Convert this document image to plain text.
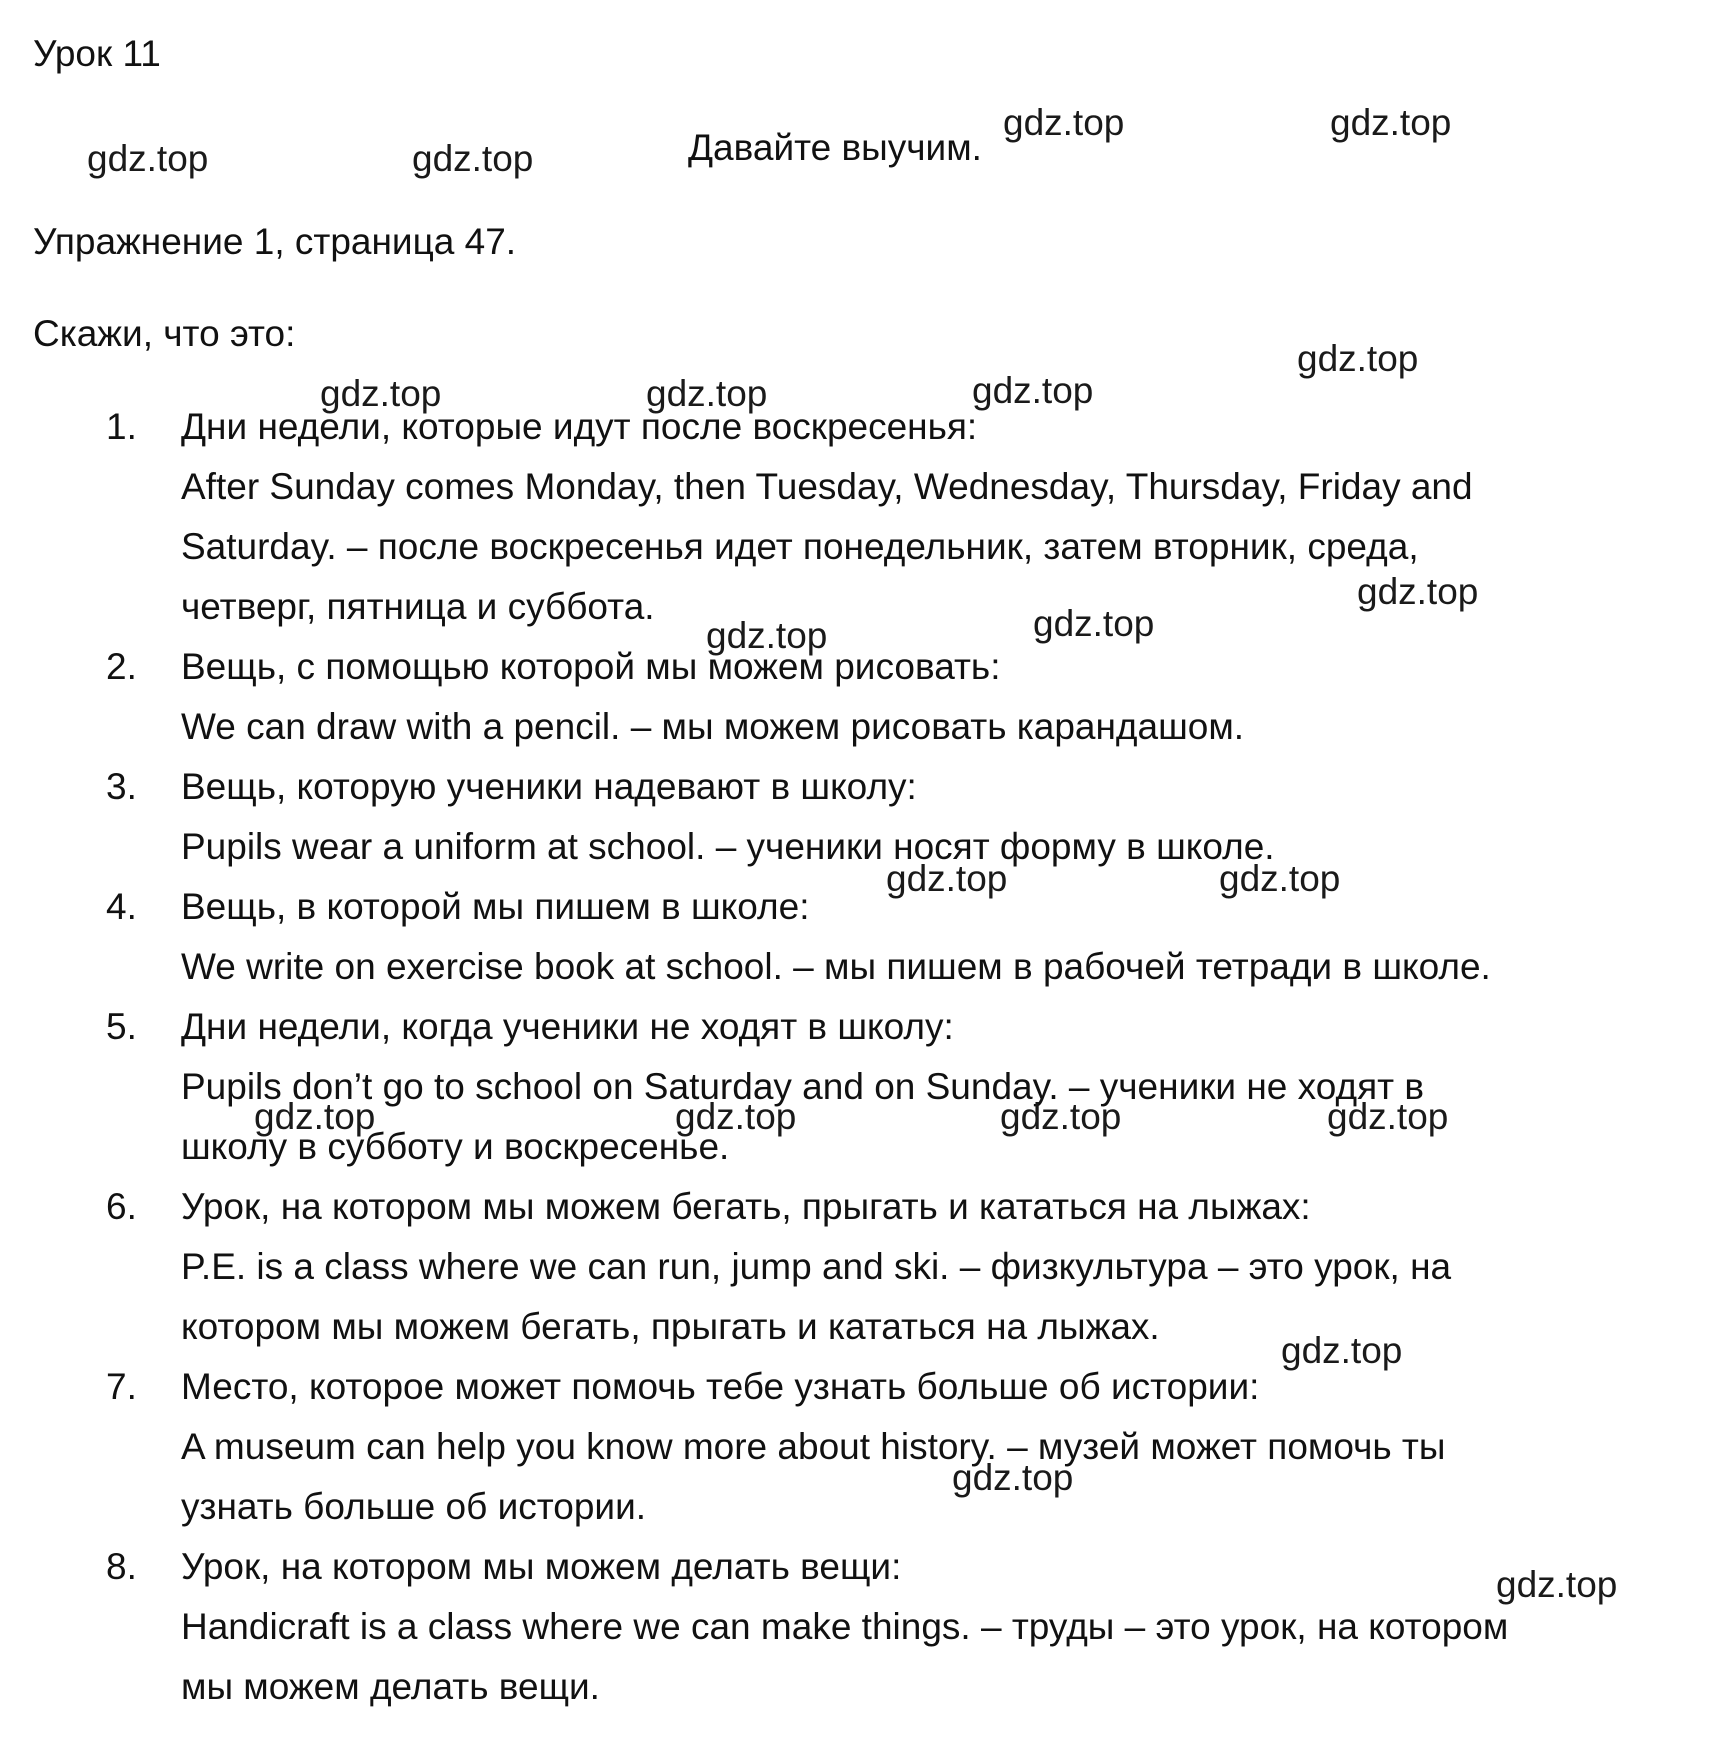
Урок 11
Давайте выучим.
Упражнение 1, страница 47.
Скажи, что это:
1. Дни недели, которые идут после воскресенья:
After Sunday comes Monday, then Tuesday, Wednesday, Thursday, Friday and
Saturday. – после воскресенья идет понедельник, затем вторник, среда,
четверг, пятница и суббота.
2. Вещь, с помощью которой мы можем рисовать:
We can draw with a pencil. – мы можем рисовать карандашом.
3. Вещь, которую ученики надевают в школу:
Pupils wear a uniform at school. – ученики носят форму в школе.
4. Вещь, в которой мы пишем в школе:
We write on exercise book at school. – мы пишем в рабочей тетради в школе.
5. Дни недели, когда ученики не ходят в школу:
Pupils don’t go to school on Saturday and on Sunday. – ученики не ходят в
школу в субботу и воскресенье.
6. Урок, на котором мы можем бегать, прыгать и кататься на лыжах:
P.E. is a class where we can run, jump and ski. – физкультура – это урок, на
котором мы можем бегать, прыгать и кататься на лыжах.
7. Место, которое может помочь тебе узнать больше об истории:
A museum can help you know more about history. – музей может помочь ты
узнать больше об истории.
8. Урок, на котором мы можем делать вещи:
Handicraft is a class where we can make things. – труды – это урок, на котором
мы можем делать вещи.
gdz.top	gdz.top
gdz.top	gdz.top
gdz.top
gdz.top	gdz.top	gdz.top
gdz.top
gdz.top	gdz.top
gdz.top	gdz.top
gdz.top	gdz.top	gdz.top	gdz.top
gdz.top
gdz.top
gdz.top
